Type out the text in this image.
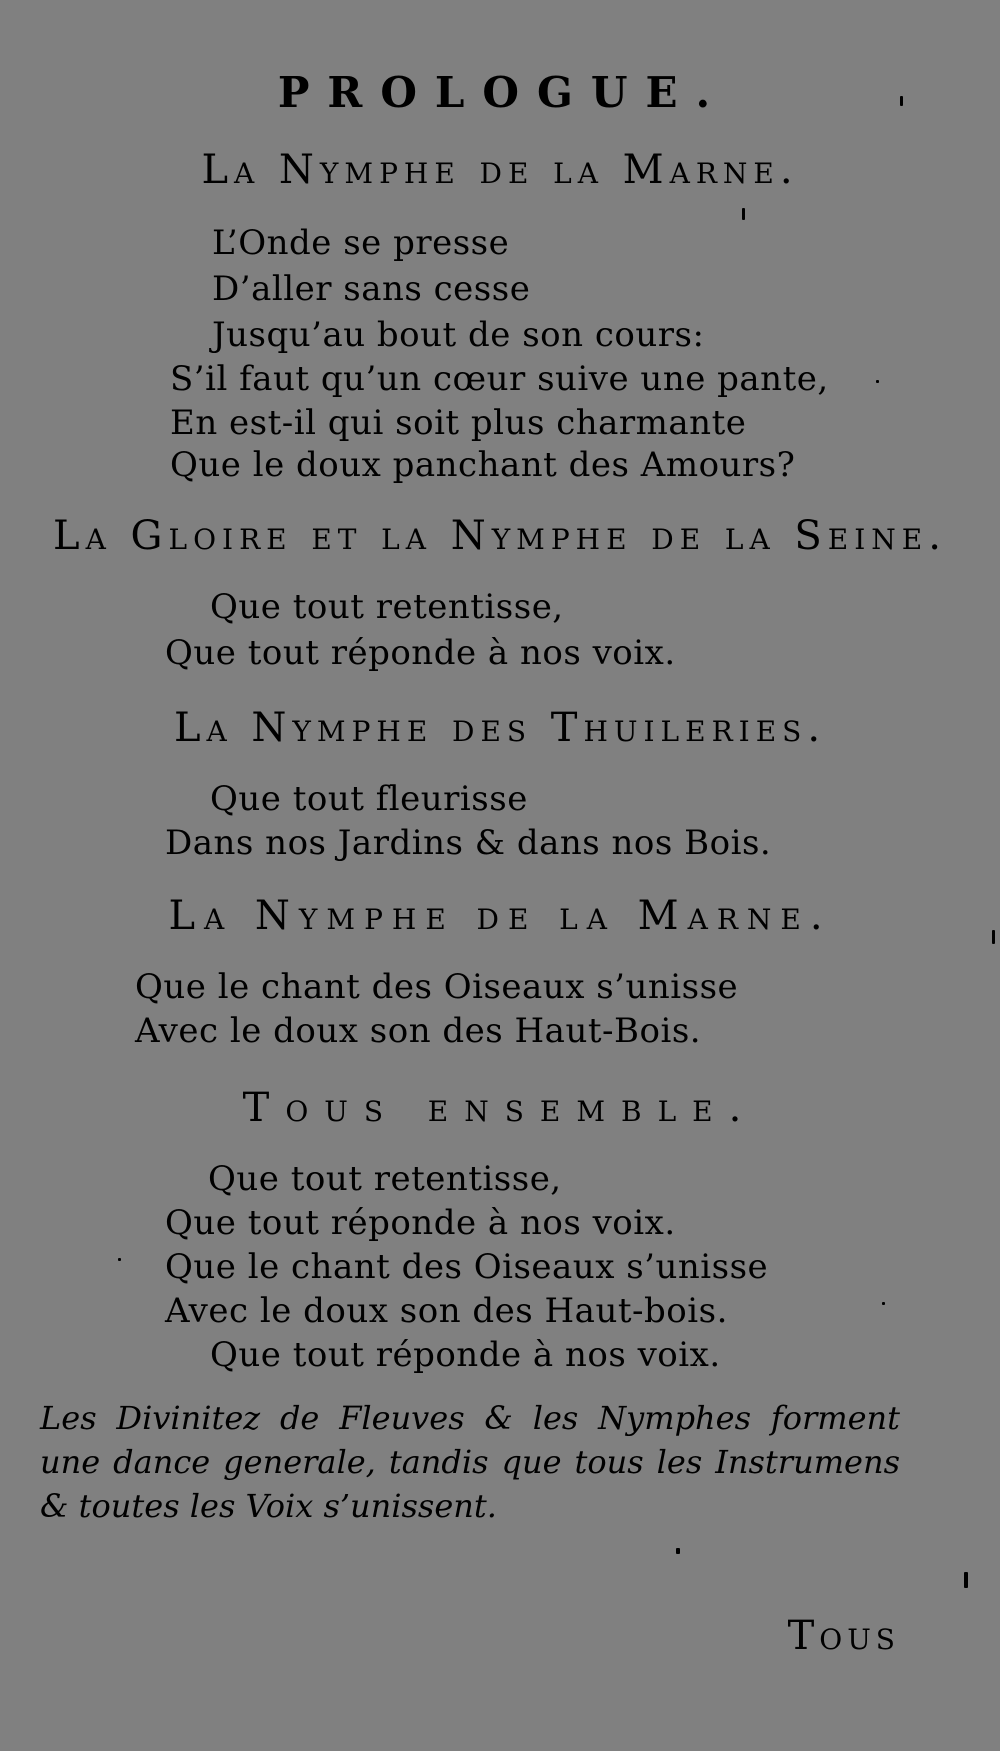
PROLOGUE.
La Nymphe de la Marne.
L’Onde se presse
D’aller sans cesse
Jusqu’au bout de son cours:
S’il faut qu’un cœur suive une pante,
En est-il qui soit plus charmante
Que le doux panchant des Amours?
La Gloire et la Nymphe de la Seine.
Que tout retentisse,
Que tout réponde à nos voix.
La Nymphe des Thuileries.
Que tout fleurisse
Dans nos Jardins & dans nos Bois.
La Nymphe de la Marne.
Que le chant des Oiseaux s’unisse
Avec le doux son des Haut-Bois.
Tous ensemble.
Que tout retentisse,
Que tout réponde à nos voix.
Que le chant des Oiseaux s’unisse
Avec le doux son des Haut-bois.
Que tout réponde à nos voix.
Les Divinitez de Fleuves & les Nymphes forment
une dance generale, tandis que tous les Instrumens
& toutes les Voix s’unissent.
Tous
